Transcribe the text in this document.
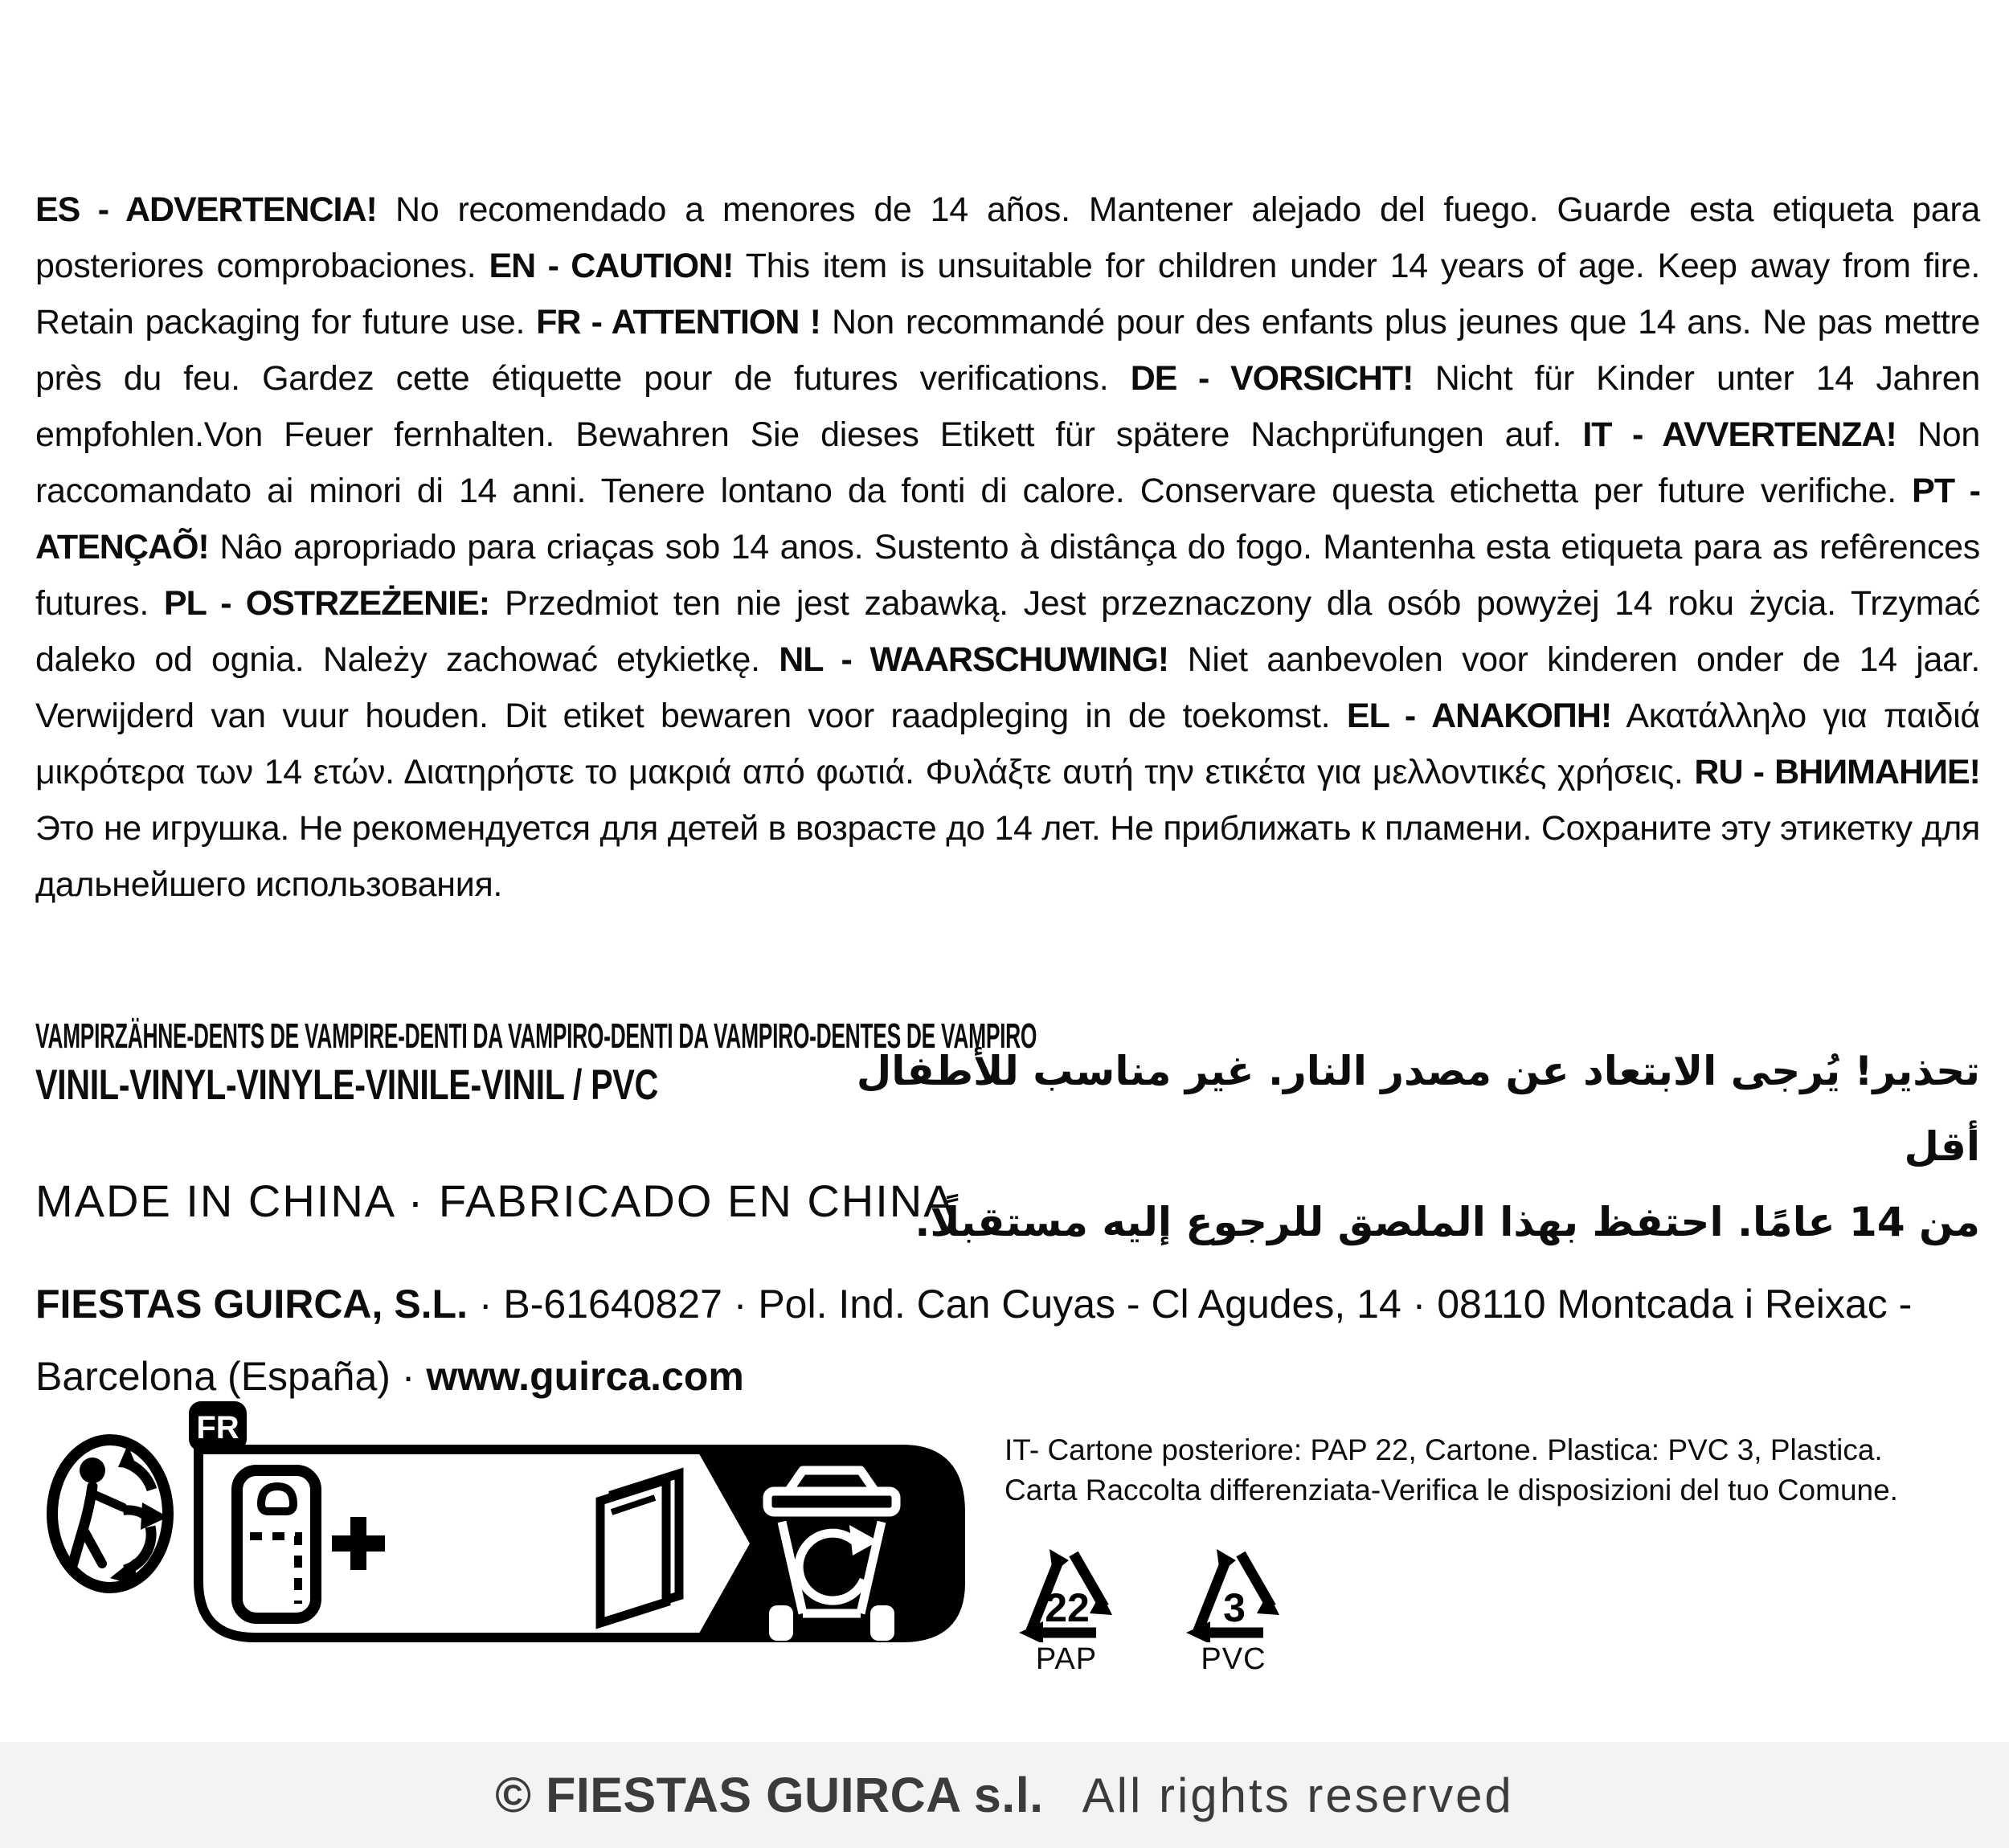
ES - ADVERTENCIA! No recomendado a menores de 14 años. Mantener alejado del fuego. Guarde esta etiqueta para posteriores comprobaciones. EN - CAUTION! This item is unsuitable for children under 14 years of age. Keep away from fire. Retain packaging for future use. FR - ATTENTION ! Non recommandé pour des enfants plus jeunes que 14 ans. Ne pas mettre près du feu. Gardez cette étiquette pour de futures verifications. DE - VORSICHT! Nicht für Kinder unter 14 Jahren empfohlen.Von Feuer fernhalten. Bewahren Sie dieses Etikett für spätere Nachprüfungen auf. IT - AVVERTENZA! Non raccomandato ai minori di 14 anni. Tenere lontano da fonti di calore. Conservare questa etichetta per future verifiche. PT - ATENÇAÕ! Nâo apropriado para criaças sob 14 anos. Sustento à distânça do fogo. Mantenha esta etiqueta para as refêrences futures. PL - OSTRZEŻENIE: Przedmiot ten nie jest zabawką. Jest przeznaczony dla osób powyżej 14 roku życia. Trzymać daleko od ognia. Należy zachować etykietkę. NL - WAARSCHUWING! Niet aanbevolen voor kinderen onder de 14 jaar. Verwijderd van vuur houden. Dit etiket bewaren voor raadpleging in de toekomst. EL - ΑΝΑΚΟΠΗ! Ακατάλληλο για παιδιά μικρότερα των 14 ετών. Διατηρήστε το μακριά από φωτιά. Φυλάξτε αυτή την ετικέτα για μελλοντικές χρήσεις. RU - ВНИМАНИЕ! Это не игрушка. Не рекомендуется для детей в возрасте до 14 лет. Не приближать к пламени. Сохраните эту этикетку для дальнейшего использования.

VAMPIRZÄHNE-DENTS DE VAMPIRE-DENTI DA VAMPIRO-DENTI DA VAMPIRO-DENTES DE VAMPIRO
VINIL-VINYL-VINYLE-VINILE-VINIL / PVC	تحذير! يُرجى الابتعاد عن مصدر النار. غير مناسب للأطفال أقل
من 14 عامًا. احتفظ بهذا الملصق للرجوع إليه مستقبلًا.
MADE IN CHINA · FABRICADO EN CHINA

FIESTAS GUIRCA, S.L. · B-61640827 · Pol. Ind. Can Cuyas - Cl Agudes, 14 · 08110 Montcada i Reixac - Barcelona (España) · www.guirca.com

FR
IT- Cartone posteriore: PAP 22, Cartone. Plastica: PVC 3, Plastica.
Carta Raccolta differenziata-Verifica le disposizioni del tuo Comune.
22
PAP
3
PVC
© FIESTAS GUIRCA s.l. All rights reserved
